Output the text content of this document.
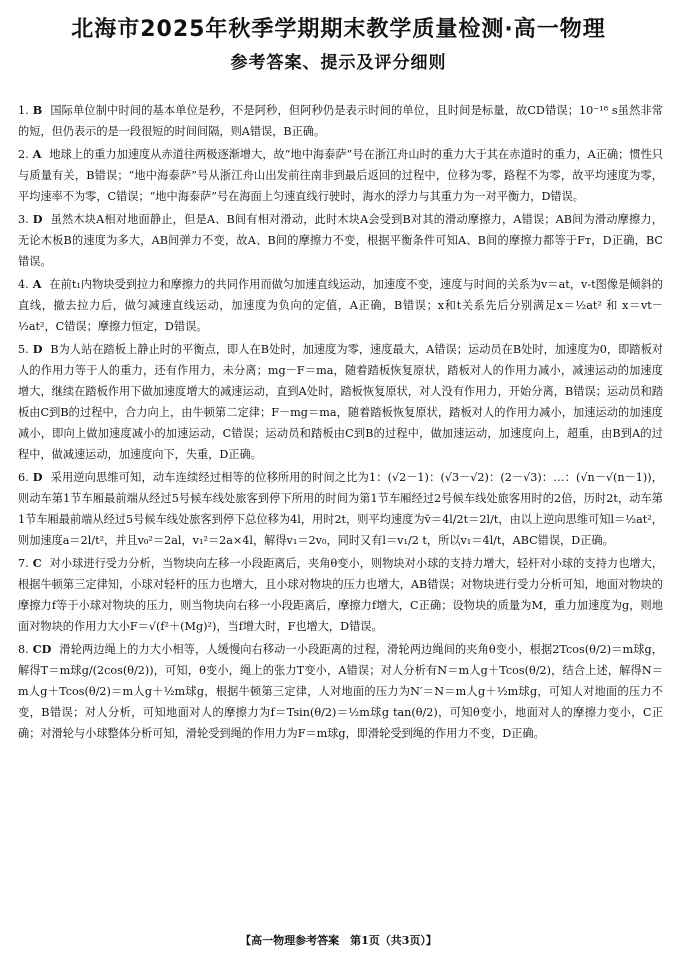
北海市2025年秋季学期期末教学质量检测·高一物理
参考答案、提示及评分细则

1. B 国际单位制中时间的基本单位是秒，不是阿秒，但阿秒仍是表示时间的单位，且时间是标量，故CD错误；10⁻¹⁸ s虽然非常的短，但仍表示的是一段很短的时间间隔，则A错误，B正确。

2. A 地球上的重力加速度从赤道往两极逐渐增大，故“地中海泰萨”号在浙江舟山时的重力大于其在赤道时的重力，A正确；惯性只与质量有关，B错误；“地中海泰萨”号从浙江舟山出发前往南非到最后返回的过程中，位移为零，路程不为零，故平均速度为零，平均速率不为零，C错误；“地中海泰萨”号在海面上匀速直线行驶时，海水的浮力与其重力为一对平衡力，D错误。

3. D 虽然木块A相对地面静止，但是A、B间有相对滑动，此时木块A会受到B对其的滑动摩擦力，A错误；AB间为滑动摩擦力，无论木板B的速度为多大，AB间弹力不变，故A、B间的摩擦力不变，根据平衡条件可知A、B间的摩擦力都等于Fᴛ，D正确，BC错误。

4. A 在前t₁内物块受到拉力和摩擦力的共同作用而做匀加速直线运动，加速度不变，速度与时间的关系为v＝at，v-t图像是倾斜的直线，撤去拉力后，做匀减速直线运动，加速度为负向的定值，A正确，B错误；x和t关系先后分别满足x＝½at² 和 x＝vt－½at²，C错误；摩擦力恒定，D错误。

5. D B为人站在踏板上静止时的平衡点，即人在B处时，加速度为零，速度最大，A错误；运动员在B处时，加速度为0，即踏板对人的作用力等于人的重力，还有作用力，未分离；mg－F＝ma，随着踏板恢复原状，踏板对人的作用力减小，减速运动的加速度增大，继续在踏板作用下做加速度增大的减速运动，直到A处时，踏板恢复原状，对人没有作用力，开始分离，B错误；运动员和踏板由C到B的过程中，合力向上，由牛顿第二定律；F－mg＝ma，随着踏板恢复原状，踏板对人的作用力减小，加速运动的加速度减小，即向上做加速度减小的加速运动，C错误；运动员和踏板由C到B的过程中，做加速运动，加速度向上，超重，由B到A的过程中，做减速运动，加速度向下，失重，D正确。

6. D 采用逆向思维可知，动车连续经过相等的位移所用的时间之比为1：(√2－1)：(√3－√2)：(2－√3)：…：(√n－√(n－1))，则动车第1节车厢最前端从经过5号候车线处旅客到停下所用的时间为第1节车厢经过2号候车线处旅客用时的2倍，历时2t，动车第1节车厢最前端从经过5号候车线处旅客到停下总位移为4l，用时2t，则平均速度为v̄＝4l/2t＝2l/t，由以上逆向思维可知l＝½at²，则加速度a＝2l/t²，并且v₀²＝2al，v₁²＝2a×4l，解得v₁＝2v₀，同时又有l＝v₁/2 t，所以v₁＝4l/t，ABC错误，D正确。

7. C 对小球进行受力分析，当物块向左移一小段距离后，夹角θ变小，则物块对小球的支持力增大，轻杆对小球的支持力也增大，根据牛顿第三定律知，小球对轻杆的压力也增大，且小球对物块的压力也增大，AB错误；对物块进行受力分析可知，地面对物块的摩擦力f等于小球对物块的压力，则当物块向右移一小段距离后，摩擦力f增大，C正确；设物块的质量为M，重力加速度为g，则地面对物块的作用力大小F＝√(f²＋(Mg)²)，当f增大时，F也增大，D错误。

8. CD 滑轮两边绳上的力大小相等，人缓慢向右移动一小段距离的过程，滑轮两边绳间的夹角θ变小，根据2Tcos(θ/2)＝m球g，解得T＝m球g/(2cos(θ/2))，可知，θ变小，绳上的张力T变小，A错误；对人分析有N＝m人g＋Tcos(θ/2)，结合上述，解得N＝m人g＋Tcos(θ/2)＝m人g＋½m球g，根据牛顿第三定律，人对地面的压力为N′＝N＝m人g＋½m球g，可知人对地面的压力不变，B错误；对人分析，可知地面对人的摩擦力为f＝Tsin(θ/2)＝½m球g tan(θ/2)，可知θ变小，地面对人的摩擦力变小，C正确；对滑轮与小球整体分析可知，滑轮受到绳的作用力为F＝m球g，即滑轮受到绳的作用力不变，D正确。

【高一物理参考答案　第1页（共3页）】
